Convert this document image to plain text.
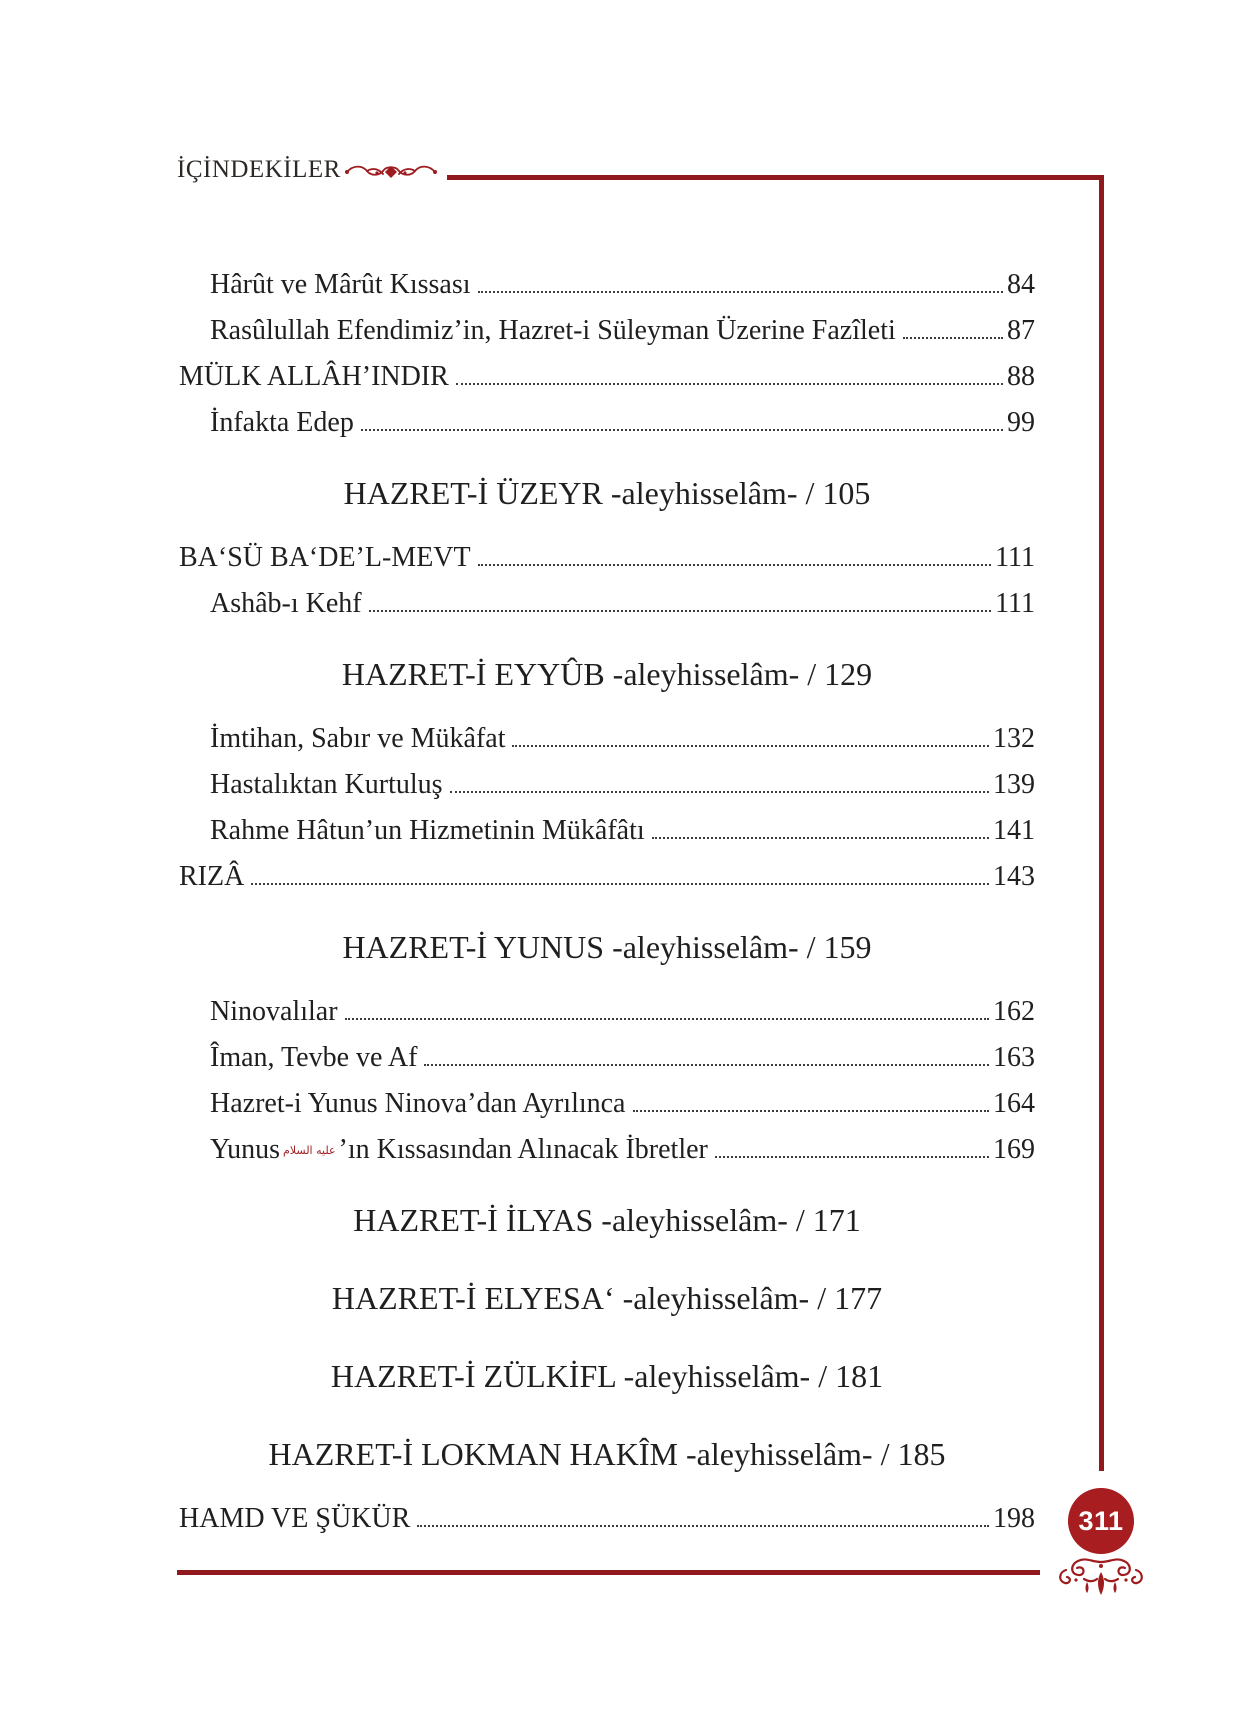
İÇİNDEKİLER
Hârût ve Mârût Kıssası	84
Rasûlullah Efendimiz’in, Hazret-i Süleyman Üzerine Fazîleti	87
MÜLK ALLÂH’INDIR	88
İnfakta Edep	99
HAZRET-İ ÜZEYR -aleyhisselâm- / 105
BA‘SÜ BA‘DE’L-MEVT	111
Ashâb-ı Kehf	111
HAZRET-İ EYYÛB -aleyhisselâm- / 129
İmtihan, Sabır ve Mükâfat	132
Hastalıktan Kurtuluş	139
Rahme Hâtun’un Hizmetinin Mükâfâtı	141
RIZÂ	143
HAZRET-İ YUNUS -aleyhisselâm- / 159
Ninovalılar	162
Îman, Tevbe ve Af	163
Hazret-i Yunus Ninova’dan Ayrılınca	164
Yunus عليه السلام ’ın Kıssasından Alınacak İbretler	169
HAZRET-İ İLYAS -aleyhisselâm- / 171
HAZRET-İ ELYESA‘ -aleyhisselâm- / 177
HAZRET-İ ZÜLKİFL -aleyhisselâm- / 181
HAZRET-İ LOKMAN HAKÎM -aleyhisselâm- / 185
HAMD VE ŞÜKÜR	198	311
